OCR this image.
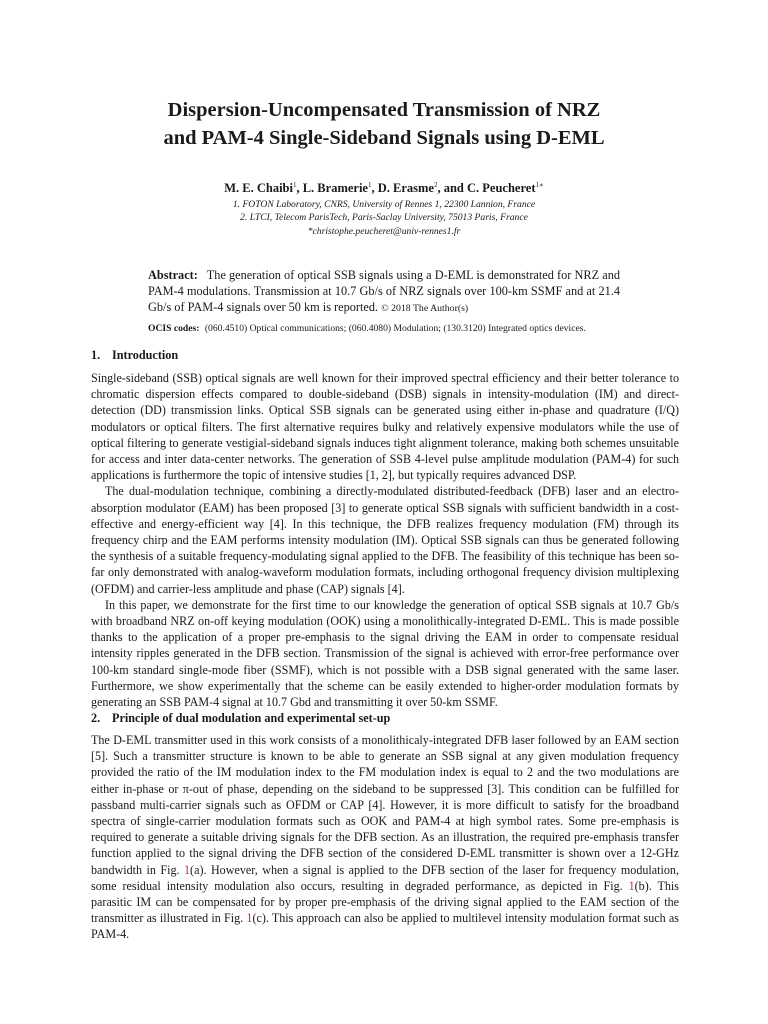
Dispersion-Uncompensated Transmission of NRZ
and PAM-4 Single-Sideband Signals using D-EML
M. E. Chaibi$^1$, L. Bramerie$^1$, D. Erasme$^2$, and C. Peucheret$^{1∗}$
1. FOTON Laboratory, CNRS, University of Rennes 1, 22300 Lannion, France
2. LTCI, Telecom ParisTech, Paris-Saclay University, 75013 Paris, France
*christophe.peucheret@univ-rennes1.fr
Abstract: The generation of optical SSB signals using a D-EML is demonstrated for NRZ and PAM-4 modulations. Transmission at 10.7 Gb/s of NRZ signals over 100-km SSMF and at 21.4 Gb/s of PAM-4 signals over 50 km is reported. © 2018 The Author(s)
OCIS codes: (060.4510) Optical communications; (060.4080) Modulation; (130.3120) Integrated optics devices.
1. Introduction

Single-sideband (SSB) optical signals are well known for their improved spectral efficiency and their better tolerance to chromatic dispersion effects compared to double-sideband (DSB) signals in intensity-modulation (IM) and direct-detection (DD) transmission links. Optical SSB signals can be generated using either in-phase and quadrature (I/Q) modulators or optical filters. The first alternative requires bulky and relatively expensive modulators while the use of optical filtering to generate vestigial-sideband signals induces tight alignment tolerance, making both schemes unsuitable for access and inter data-center networks. The generation of SSB 4-level pulse amplitude modulation (PAM-4) for such applications is furthermore the topic of intensive studies [1, 2], but typically requires advanced DSP.

The dual-modulation technique, combining a directly-modulated distributed-feedback (DFB) laser and an electro-absorption modulator (EAM) has been proposed [3] to generate optical SSB signals with sufficient bandwidth in a cost-effective and energy-efficient way [4]. In this technique, the DFB realizes frequency modulation (FM) through its frequency chirp and the EAM performs intensity modulation (IM). Optical SSB signals can thus be generated following the synthesis of a suitable frequency-modulating signal applied to the DFB. The feasibility of this technique has been so-far only demonstrated with analog-waveform modulation formats, including orthogonal frequency division multiplexing (OFDM) and carrier-less amplitude and phase (CAP) signals [4].

In this paper, we demonstrate for the first time to our knowledge the generation of optical SSB signals at 10.7 Gb/s with broadband NRZ on-off keying modulation (OOK) using a monolithically-integrated D-EML. This is made possible thanks to the application of a proper pre-emphasis to the signal driving the EAM in order to compensate residual intensity ripples generated in the DFB section. Transmission of the signal is achieved with error-free performance over 100-km standard single-mode fiber (SSMF), which is not possible with a DSB signal generated with the same laser. Furthermore, we show experimentally that the scheme can be easily extended to higher-order modulation formats by generating an SSB PAM-4 signal at 10.7 Gbd and transmitting it over 50-km SSMF.

2. Principle of dual modulation and experimental set-up

The D-EML transmitter used in this work consists of a monolithicaly-integrated DFB laser followed by an EAM section [5]. Such a transmitter structure is known to be able to generate an SSB signal at any given modulation frequency provided the ratio of the IM modulation index to the FM modulation index is equal to 2 and the two modulations are either in-phase or π-out of phase, depending on the sideband to be suppressed [3]. This condition can be fulfilled for passband multi-carrier signals such as OFDM or CAP [4]. However, it is more difficult to satisfy for the broadband spectra of single-carrier modulation formats such as OOK and PAM-4 at high symbol rates. Some pre-emphasis is required to generate a suitable driving signals for the DFB section. As an illustration, the required pre-emphasis transfer function applied to the signal driving the DFB section of the considered D-EML transmitter is shown over a 12-GHz bandwidth in Fig. 1(a). However, when a signal is applied to the DFB section of the laser for frequency modulation, some residual intensity modulation also occurs, resulting in degraded performance, as depicted in Fig. 1(b). This parasitic IM can be compensated for by proper pre-emphasis of the driving signal applied to the EAM section of the transmitter as illustrated in Fig. 1(c). This approach can also be applied to multilevel intensity modulation format such as PAM-4.
